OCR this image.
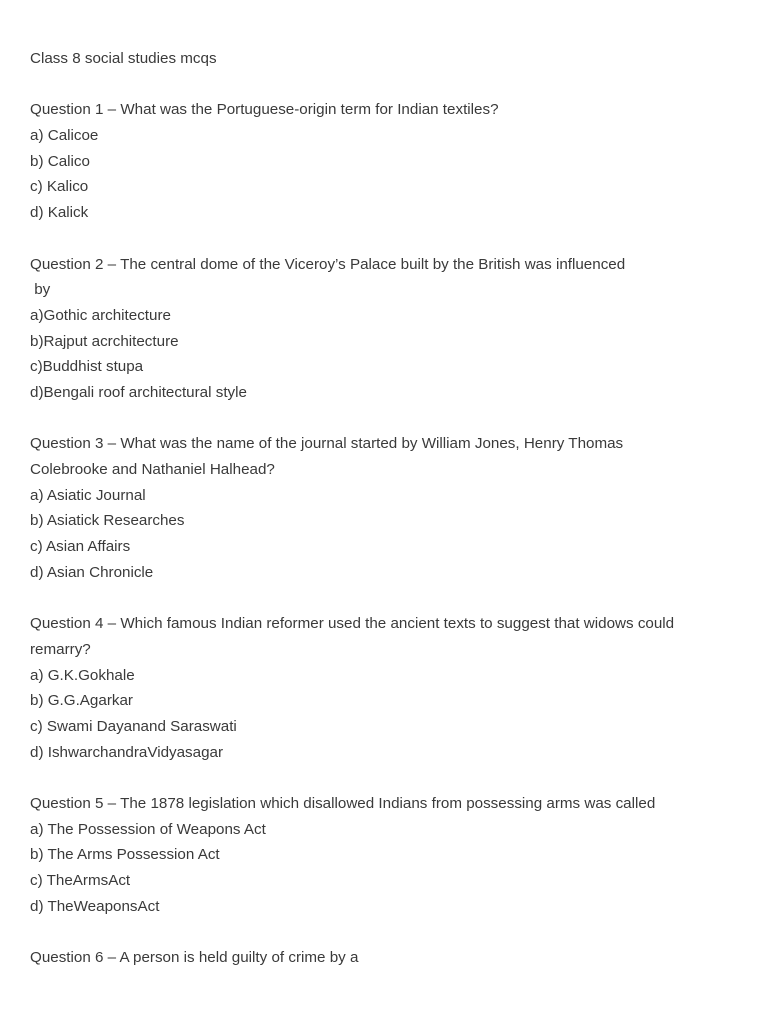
Class 8 social studies mcqs
Question 1 – What was the Portuguese-origin term for Indian textiles?
a) Calicoe
b) Calico
c) Kalico
d) Kalick
Question 2 – The central dome of the Viceroy’s Palace built by the British was influenced
by
a)Gothic architecture
b)Rajput acrchitecture
c)Buddhist stupa
d)Bengali roof architectural style
Question 3 – What was the name of the journal started by William Jones, Henry Thomas
Colebrooke and Nathaniel Halhead?
a) Asiatic Journal
b) Asiatick Researches
c) Asian Affairs
d) Asian Chronicle
Question 4 – Which famous Indian reformer used the ancient texts to suggest that widows could
remarry?
a) G.K.Gokhale
b) G.G.Agarkar
c) Swami Dayanand Saraswati
d) IshwarchandraVidyasagar
Question 5 – The 1878 legislation which disallowed Indians from possessing arms was called
a) The Possession of Weapons Act
b) The Arms Possession Act
c) TheArmsAct
d) TheWeaponsAct
Question 6 – A person is held guilty of crime by a
